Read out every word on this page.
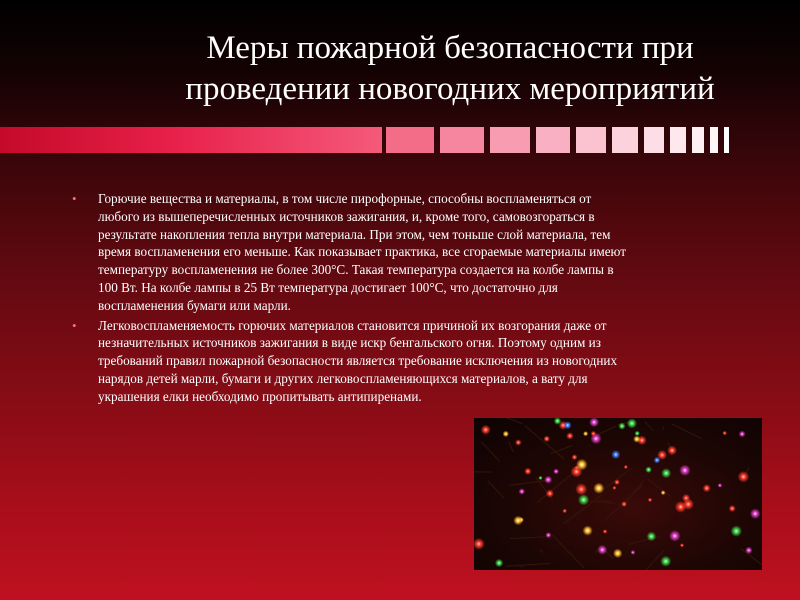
Меры пожарной безопасности при
проведении новогодних мероприятий
• Горючие вещества и материалы, в том числе пирофорные, способны воспламеняться от
любого из вышеперечисленных источников зажигания, и, кроме того, самовозгораться в
результате накопления тепла внутри материала. При этом, чем тоньше слой материала, тем
время воспламенения его меньше. Как показывает практика, все сгораемые материалы имеют
температуру воспламенения не более 300°С. Такая температура создается на колбе лампы в
100 Вт. На колбе лампы в 25 Вт температура достигает 100°С, что достаточно для
воспламенения бумаги или марли.
• Легковоспламеняемость горючих материалов становится причиной их возгорания даже от
незначительных источников зажигания в виде искр бенгальского огня. Поэтому одним из
требований правил пожарной безопасности является требование исключения из новогодних
нарядов детей марли, бумаги и других легковоспламеняющихся материалов, а вату для
украшения елки необходимо пропитывать антипиренами.
